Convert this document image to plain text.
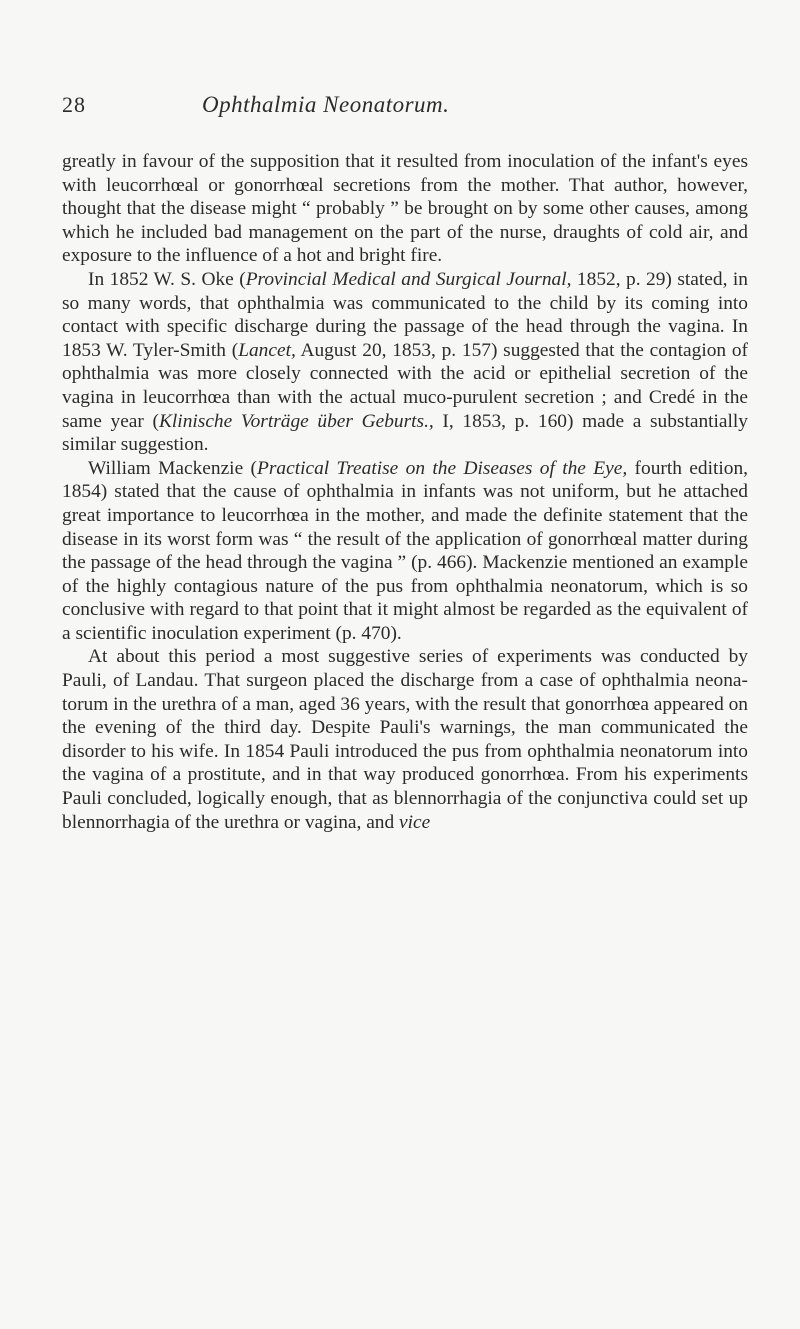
28	Ophthalmia Neonatorum.

greatly in favour of the supposition that it resulted from inoculation of the infant's eyes with leucorrhœal or gonorrhœal secretions from the mother. That author, however, thought that the disease might “ probably ” be brought on by some other causes, among which he included bad management on the part of the nurse, draughts of cold air, and exposure to the influence of a hot and bright fire.

In 1852 W. S. Oke (Provincial Medical and Surgical Journal, 1852, p. 29) stated, in so many words, that ophthalmia was communicated to the child by its coming into contact with specific discharge during the passage of the head through the vagina. In 1853 W. Tyler-Smith (Lancet, August 20, 1853, p. 157) suggested that the contagion of ophthalmia was more closely connected with the acid or epithelial secretion of the vagina in leucorrhœa than with the actual muco-purulent secretion ; and Credé in the same year (Klinische Vorträge über Geburts., I, 1853, p. 160) made a substantially similar suggestion.

William Mackenzie (Practical Treatise on the Diseases of the Eye, fourth edition, 1854) stated that the cause of ophthalmia in infants was not uniform, but he attached great importance to leucorrhœa in the mother, and made the definite statement that the disease in its worst form was “ the result of the application of gonorrhœal matter during the passage of the head through the vagina ” (p. 466). Mackenzie mentioned an example of the highly contagious nature of the pus from ophthalmia neonatorum, which is so conclusive with regard to that point that it might almost be regarded as the equivalent of a scientific inoculation experiment (p. 470).

At about this period a most suggestive series of experiments was conducted by Pauli, of Landau. That surgeon placed the discharge from a case of ophthalmia neona-torum in the urethra of a man, aged 36 years, with the result that gonorrhœa appeared on the evening of the third day. Despite Pauli's warnings, the man communicated the disorder to his wife. In 1854 Pauli introduced the pus from ophthalmia neonatorum into the vagina of a prostitute, and in that way produced gonorrhœa. From his experiments Pauli concluded, logically enough, that as blennorrhagia of the conjunctiva could set up blennorrhagia of the urethra or vagina, and vice
